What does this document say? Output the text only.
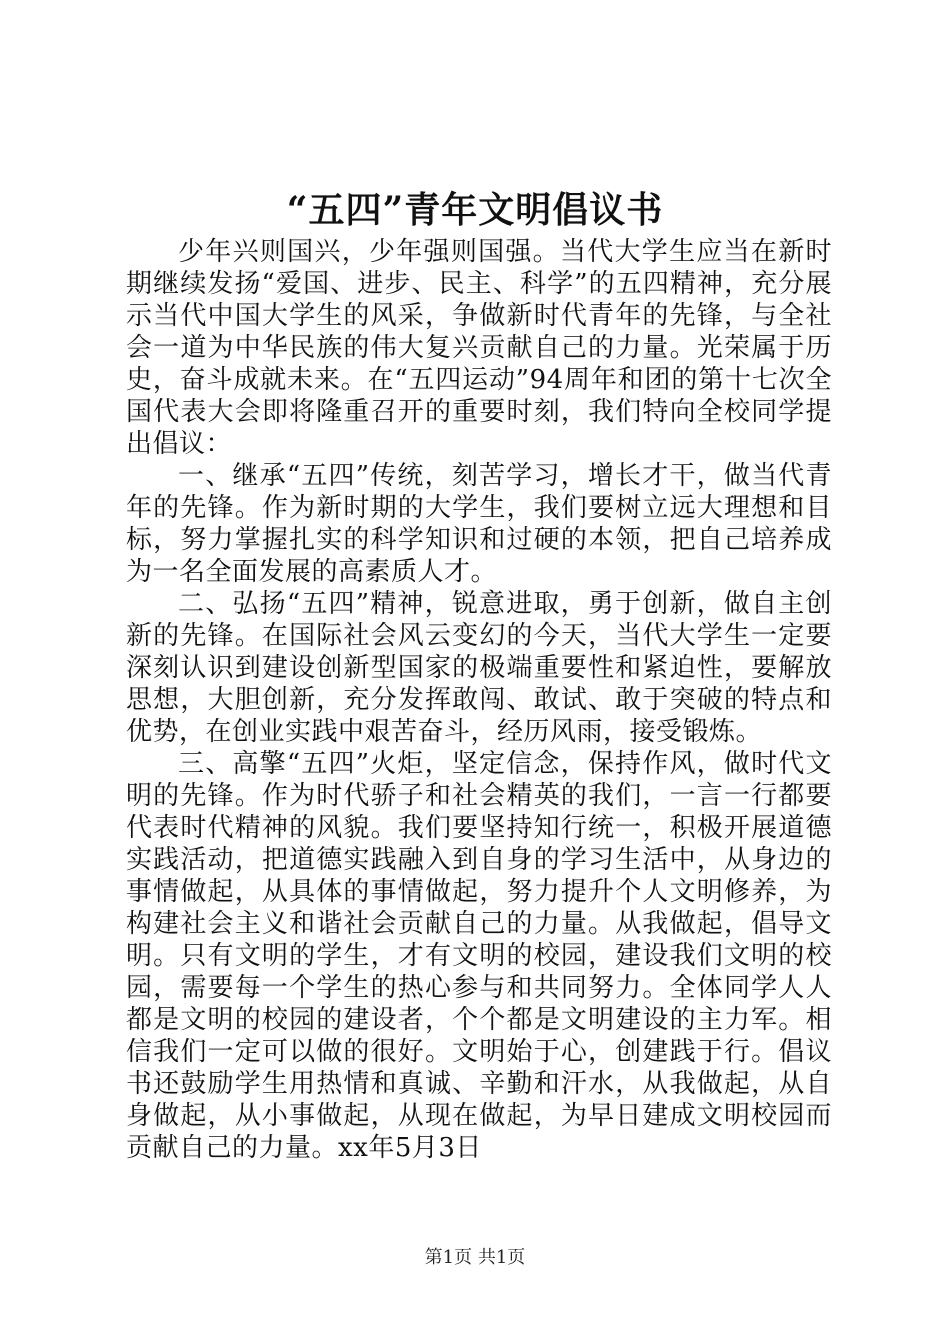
“五四”青年文明倡议书

少年兴则国兴，少年强则国强。当代大学生应当在新时期继续发扬“爱国、进步、民主、科学”的五四精神，充分展示当代中国大学生的风采，争做新时代青年的先锋，与全社会一道为中华民族的伟大复兴贡献自己的力量。光荣属于历史，奋斗成就未来。在“五四运动”94周年和团的第十七次全国代表大会即将隆重召开的重要时刻，我们特向全校同学提出倡议：

一、继承“五四”传统，刻苦学习，增长才干，做当代青年的先锋。作为新时期的大学生，我们要树立远大理想和目标，努力掌握扎实的科学知识和过硬的本领，把自己培养成为一名全面发展的高素质人才。

二、弘扬“五四”精神，锐意进取，勇于创新，做自主创新的先锋。在国际社会风云变幻的今天，当代大学生一定要深刻认识到建设创新型国家的极端重要性和紧迫性，要解放思想，大胆创新，充分发挥敢闯、敢试、敢于突破的特点和优势，在创业实践中艰苦奋斗，经历风雨，接受锻炼。

三、高擎“五四”火炬，坚定信念，保持作风，做时代文明的先锋。作为时代骄子和社会精英的我们，一言一行都要代表时代精神的风貌。我们要坚持知行统一，积极开展道德实践活动，把道德实践融入到自身的学习生活中，从身边的事情做起，从具体的事情做起，努力提升个人文明修养，为构建社会主义和谐社会贡献自己的力量。从我做起，倡导文明。只有文明的学生，才有文明的校园，建设我们文明的校园，需要每一个学生的热心参与和共同努力。全体同学人人都是文明的校园的建设者，个个都是文明建设的主力军。相信我们一定可以做的很好。文明始于心，创建践于行。倡议书还鼓励学生用热情和真诚、辛勤和汗水，从我做起，从自身做起，从小事做起，从现在做起，为早日建成文明校园而贡献自己的力量。xx年5月3日

第1页 共1页
